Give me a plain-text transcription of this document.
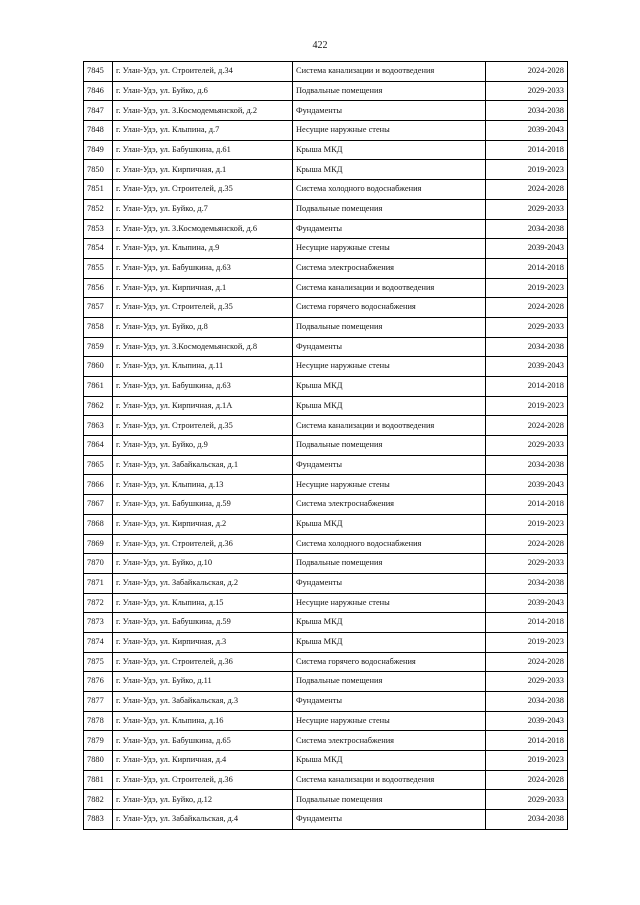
422
7845	г. Улан-Удэ, ул. Строителей, д.34	Система канализации и водоотведения	2024-2028
7846	г. Улан-Удэ, ул. Буйко, д.6	Подвальные помещения	2029-2033
7847	г. Улан-Удэ, ул. З.Космодемьянской, д.2	Фундаменты	2034-2038
7848	г. Улан-Удэ, ул. Клыпина, д.7	Несущие наружные стены	2039-2043
7849	г. Улан-Удэ, ул. Бабушкина, д.61	Крыша МКД	2014-2018
7850	г. Улан-Удэ, ул. Кирпичная, д.1	Крыша МКД	2019-2023
7851	г. Улан-Удэ, ул. Строителей, д.35	Система холодного водоснабжения	2024-2028
7852	г. Улан-Удэ, ул. Буйко, д.7	Подвальные помещения	2029-2033
7853	г. Улан-Удэ, ул. З.Космодемьянской, д.6	Фундаменты	2034-2038
7854	г. Улан-Удэ, ул. Клыпина, д.9	Несущие наружные стены	2039-2043
7855	г. Улан-Удэ, ул. Бабушкина, д.63	Система электроснабжения	2014-2018
7856	г. Улан-Удэ, ул. Кирпичная, д.1	Система канализации и водоотведения	2019-2023
7857	г. Улан-Удэ, ул. Строителей, д.35	Система горячего водоснабжения	2024-2028
7858	г. Улан-Удэ, ул. Буйко, д.8	Подвальные помещения	2029-2033
7859	г. Улан-Удэ, ул. З.Космодемьянской, д.8	Фундаменты	2034-2038
7860	г. Улан-Удэ, ул. Клыпина, д.11	Несущие наружные стены	2039-2043
7861	г. Улан-Удэ, ул. Бабушкина, д.63	Крыша МКД	2014-2018
7862	г. Улан-Удэ, ул. Кирпичная, д.1А	Крыша МКД	2019-2023
7863	г. Улан-Удэ, ул. Строителей, д.35	Система канализации и водоотведения	2024-2028
7864	г. Улан-Удэ, ул. Буйко, д.9	Подвальные помещения	2029-2033
7865	г. Улан-Удэ, ул. Забайкальская, д.1	Фундаменты	2034-2038
7866	г. Улан-Удэ, ул. Клыпина, д.13	Несущие наружные стены	2039-2043
7867	г. Улан-Удэ, ул. Бабушкина, д.59	Система электроснабжения	2014-2018
7868	г. Улан-Удэ, ул. Кирпичная, д.2	Крыша МКД	2019-2023
7869	г. Улан-Удэ, ул. Строителей, д.36	Система холодного водоснабжения	2024-2028
7870	г. Улан-Удэ, ул. Буйко, д.10	Подвальные помещения	2029-2033
7871	г. Улан-Удэ, ул. Забайкальская, д.2	Фундаменты	2034-2038
7872	г. Улан-Удэ, ул. Клыпина, д.15	Несущие наружные стены	2039-2043
7873	г. Улан-Удэ, ул. Бабушкина, д.59	Крыша МКД	2014-2018
7874	г. Улан-Удэ, ул. Кирпичная, д.3	Крыша МКД	2019-2023
7875	г. Улан-Удэ, ул. Строителей, д.36	Система горячего водоснабжения	2024-2028
7876	г. Улан-Удэ, ул. Буйко, д.11	Подвальные помещения	2029-2033
7877	г. Улан-Удэ, ул. Забайкальская, д.3	Фундаменты	2034-2038
7878	г. Улан-Удэ, ул. Клыпина, д.16	Несущие наружные стены	2039-2043
7879	г. Улан-Удэ, ул. Бабушкина, д.65	Система электроснабжения	2014-2018
7880	г. Улан-Удэ, ул. Кирпичная, д.4	Крыша МКД	2019-2023
7881	г. Улан-Удэ, ул. Строителей, д.36	Система канализации и водоотведения	2024-2028
7882	г. Улан-Удэ, ул. Буйко, д.12	Подвальные помещения	2029-2033
7883	г. Улан-Удэ, ул. Забайкальская, д.4	Фундаменты	2034-2038
